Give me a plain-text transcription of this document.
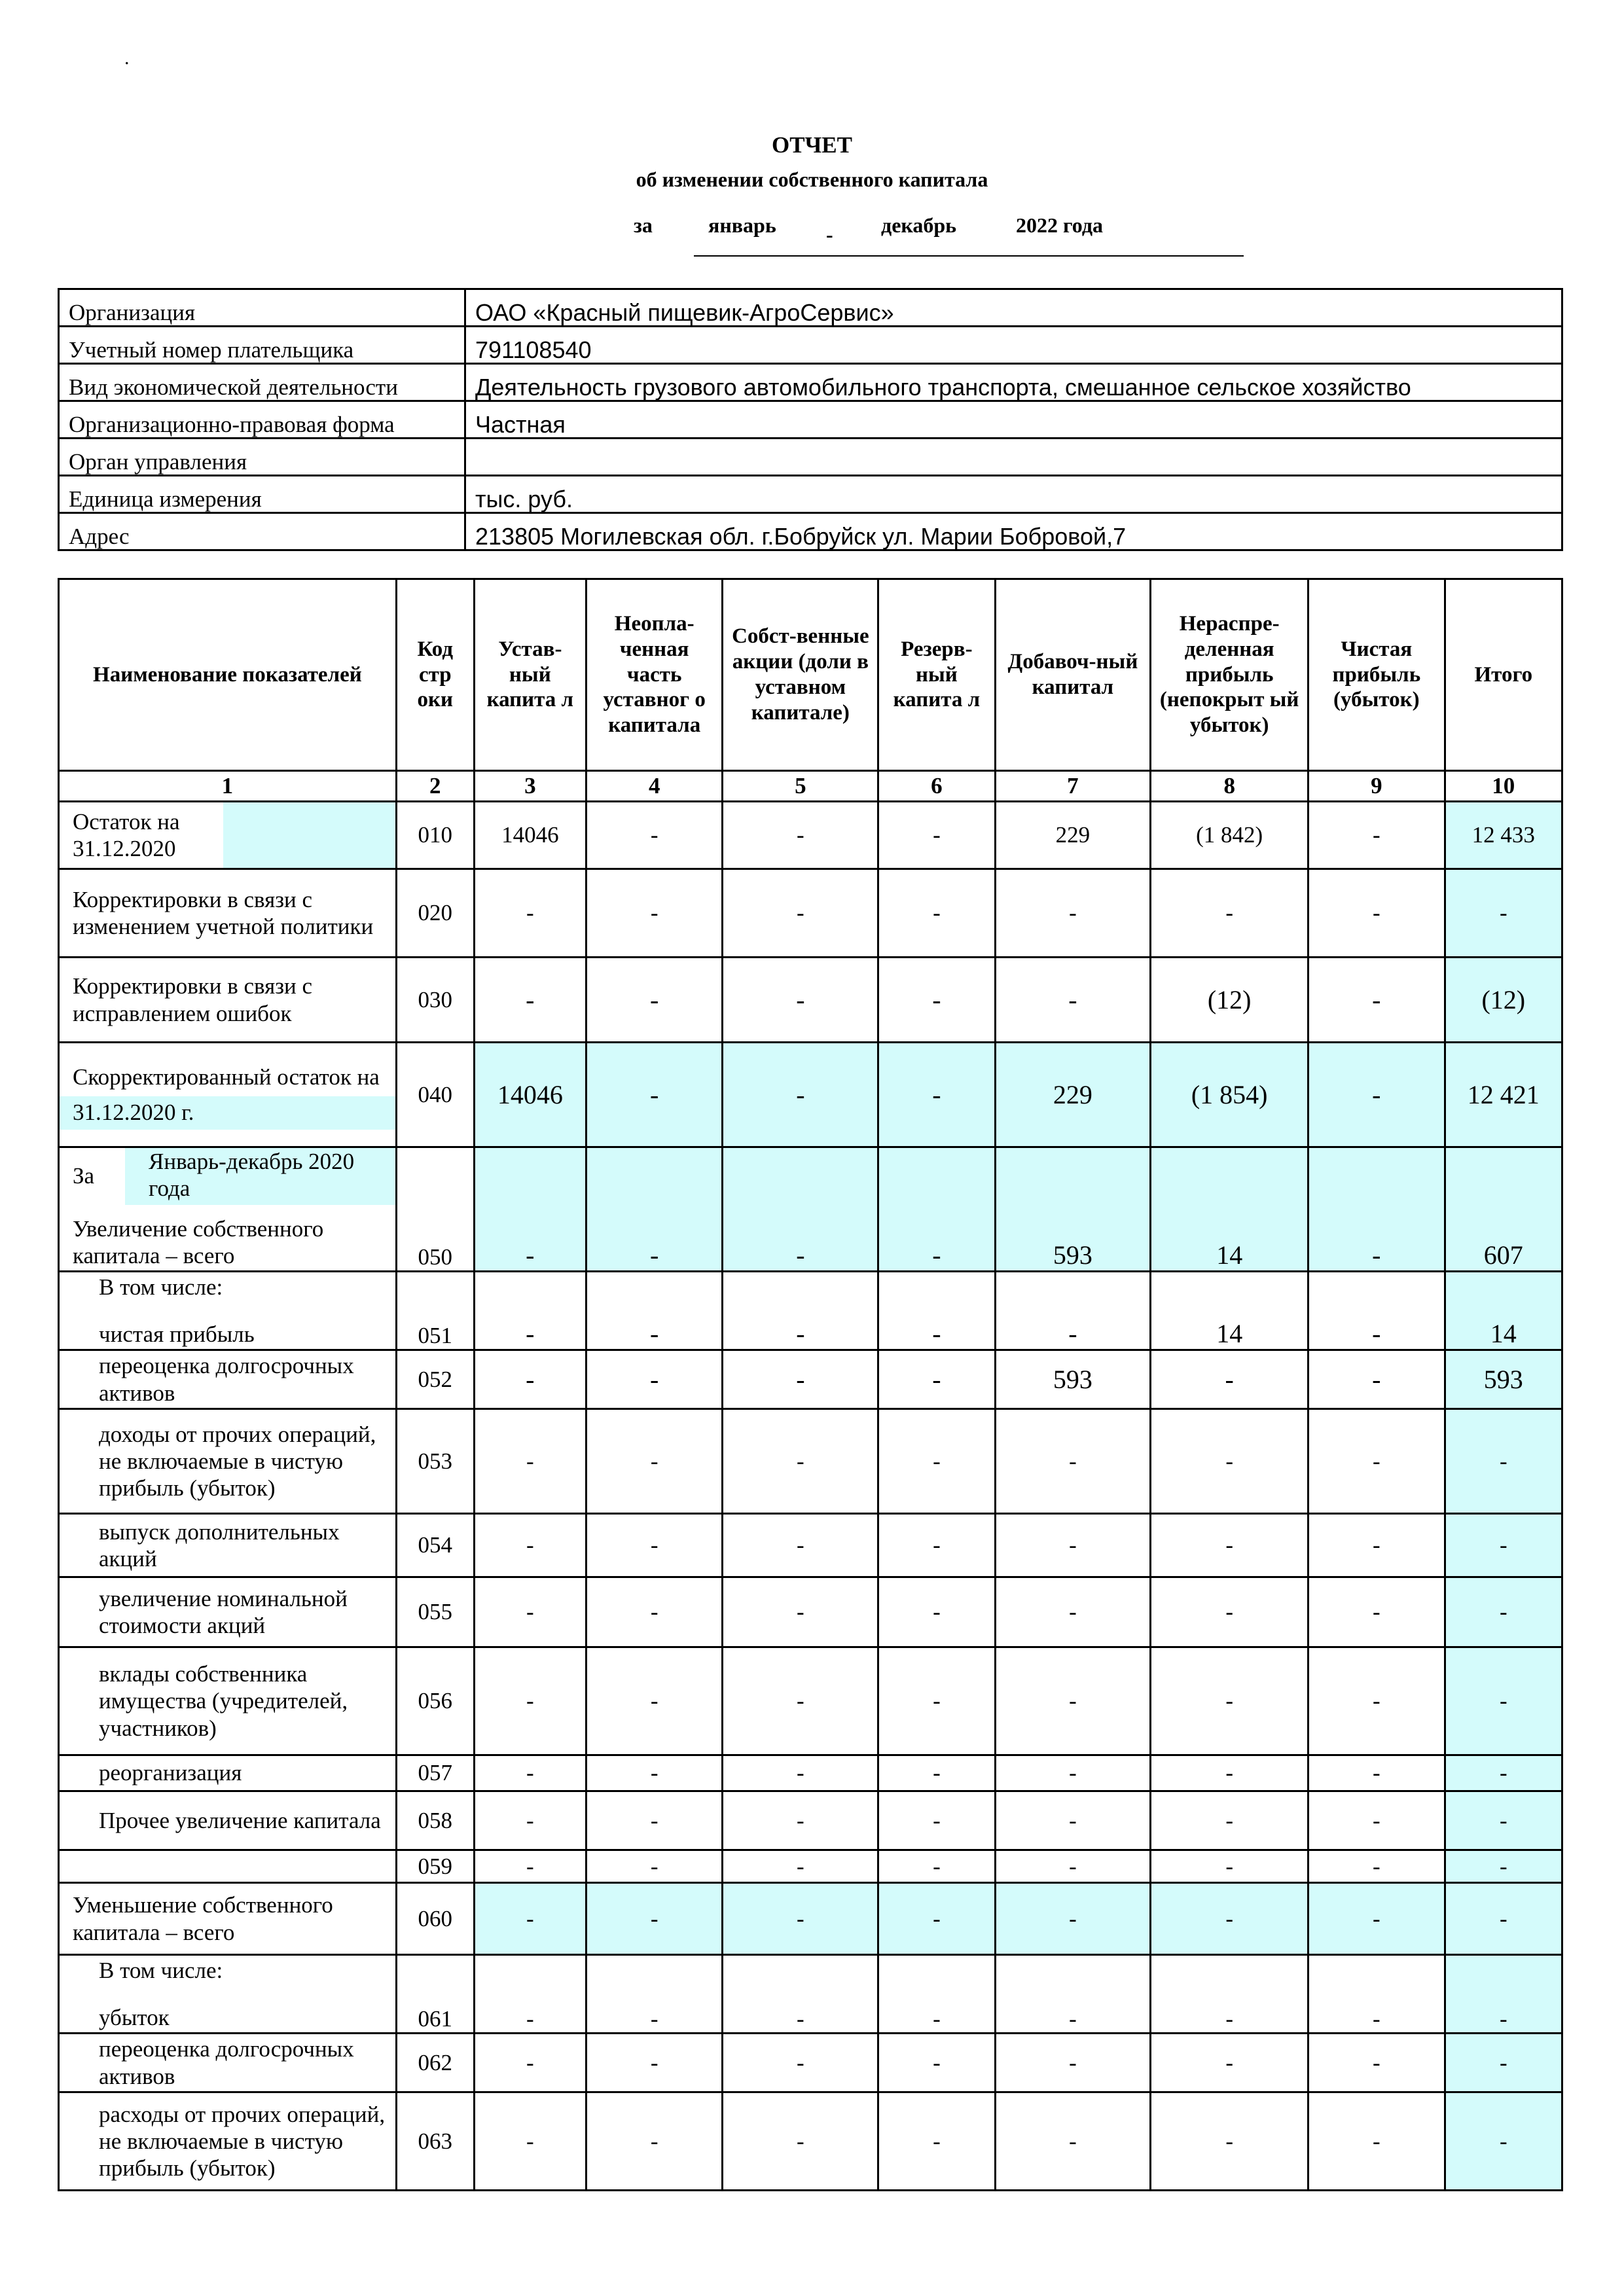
.
ОТЧЕТ
об изменении собственного капитала
за	январь - декабрь	2022 года
Организация	ОАО «Красный пищевик-АгроСервис»
Учетный номер плательщика	791108540
Вид экономической деятельности	Деятельность грузового автомобильного транспорта, смешанное сельское хозяйство
Организационно-правовая форма	Частная
Орган управления	
Единица измерения	тыс. руб.
Адрес	213805 Могилевская обл. г.Бобруйск ул. Марии Бобровой,7
Наименование показателей	Код стр оки	Устав-ный капита л	Неопла-ченная часть уставног о капитала	Собст-венные акции (доли в уставном капитале)	Резерв-ный капита л	Добавоч-ный капитал	Нераспре-деленная прибыль (непокрыт ый убыток)	Чистая прибыль (убыток)	Итого
1	2	3	4	5	6	7	8	9	10

Остаток на
31.12.2020	010	14046	-	-	-	229	(1 842)	-	12 433
Корректировки в связи с изменением учетной политики	020	-	-	-	-	-	-	-	-
Корректировки в связи с исправлением ошибок	030	-	-	-	-	-	(12)	-	(12)

Скорректированный остаток на
31.12.2020 г.	040	14046	-	-	-	229	(1 854)	-	12 421

За
Январь-декабрь 2020 года
Увеличение собственного капитала – всего	050	-	-	-	-	593	14	-	607

В том числе:
чистая прибыль	051	-	-	-	-	-	14	-	14
переоценка долгосрочных активов	052	-	-	-	-	593	-	-	593
доходы от прочих операций, не включаемые в чистую прибыль (убыток)	053	-	-	-	-	-	-	-	-
выпуск дополнительных акций	054	-	-	-	-	-	-	-	-
увеличение номинальной стоимости акций	055	-	-	-	-	-	-	-	-
вклады собственника имущества (учредителей, участников)	056	-	-	-	-	-	-	-	-
реорганизация	057	-	-	-	-	-	-	-	-
Прочее увеличение капитала	058	-	-	-	-	-	-	-	-
	059	-	-	-	-	-	-	-	-
Уменьшение собственного капитала – всего	060	-	-	-	-	-	-	-	-

В том числе:
убыток	061	-	-	-	-	-	-	-	-
переоценка долгосрочных активов	062	-	-	-	-	-	-	-	-
расходы от прочих операций, не включаемые в чистую прибыль (убыток)	063	-	-	-	-	-	-	-	-
